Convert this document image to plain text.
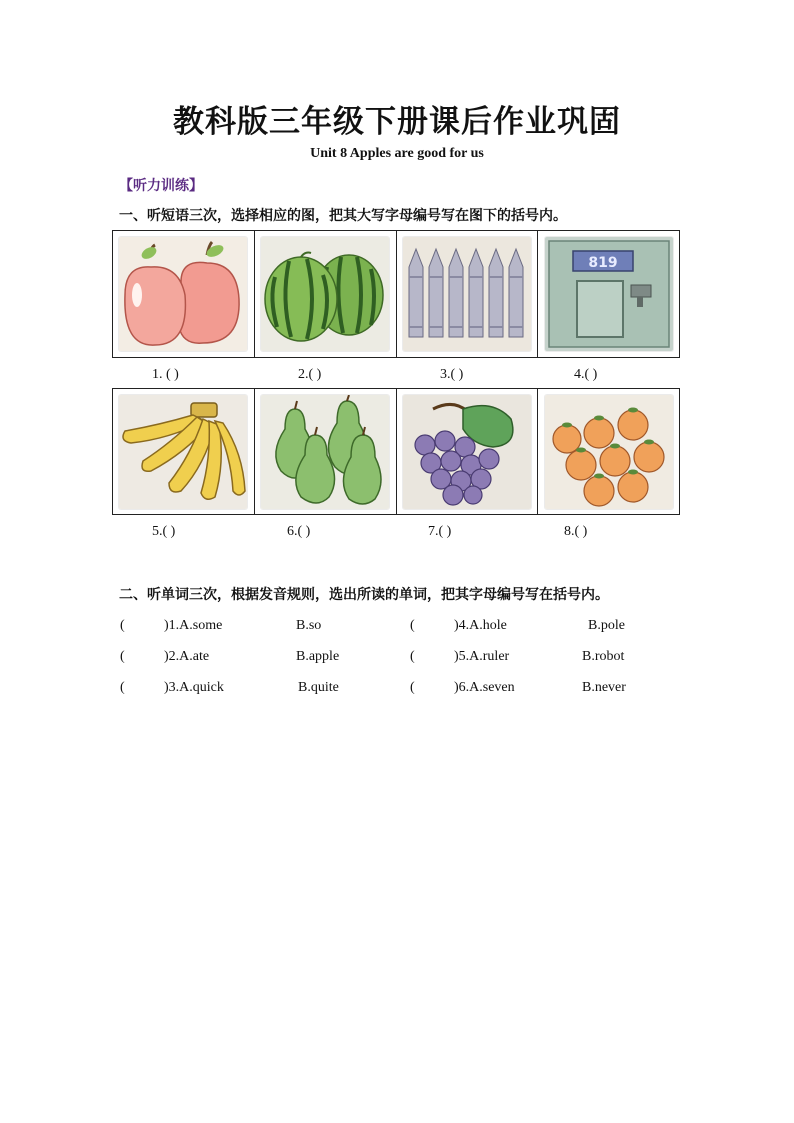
教科版三年级下册课后作业巩固
Unit 8 Apples are good for us
【听力训练】
一、听短语三次，选择相应的图，把其大写字母编号写在图下的括号内。
819
1. ( )	2.( )	3.( )	4.( )
5.( )	6.( )	7.( )	8.( )
二、听单词三次，根据发音规则，选出所读的单词，把其字母编号写在括号内。
(	)1.A.some	B.so	(	)4.A.hole	B.pole
(	)2.A.ate	B.apple	(	)5.A.ruler	B.robot
(	)3.A.quick	B.quite	(	)6.A.seven	B.never
